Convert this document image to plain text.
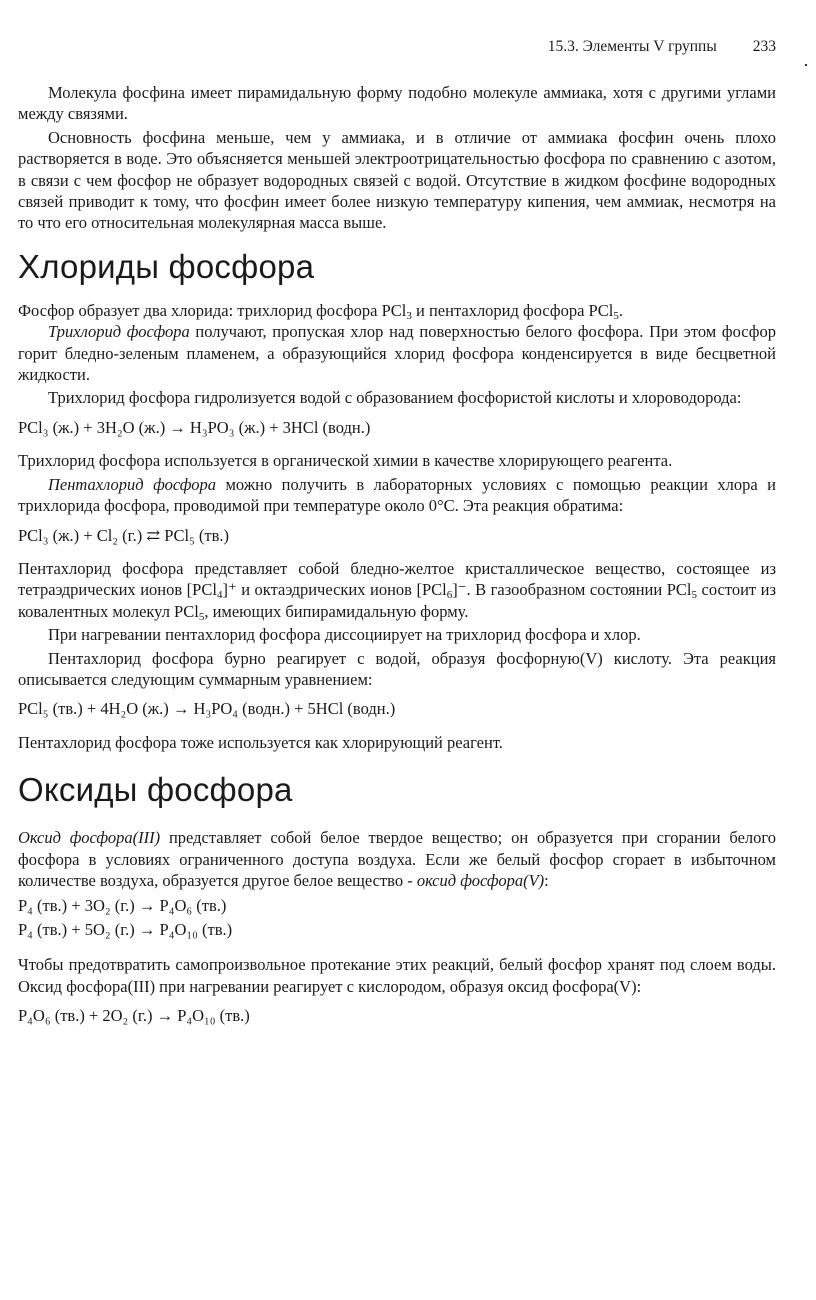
15.3. Элементы V группы 233

Молекула фосфина имеет пирамидальную форму подобно молекуле аммиака, хотя с другими углами между связями.

Основность фосфина меньше, чем у аммиака, и в отличие от аммиака фосфин очень плохо растворяется в воде. Это объясняется меньшей электроотрицательностью фосфора по сравнению с азотом, в связи с чем фосфор не образует водородных связей с водой. Отсутствие в жидком фосфине водородных связей приводит к тому, что фосфин имеет более низкую температуру кипения, чем аммиак, несмотря на то что его относительная молекулярная масса выше.

Хлориды фосфора

Фосфор образует два хлорида: трихлорид фосфора PCl$_3$ и пентахлорид фосфора PCl$_5$.

Трихлорид фосфора получают, пропуская хлор над поверхностью белого фосфора. При этом фосфор горит бледно-зеленым пламенем, а образующийся хлорид фосфора конденсируется в виде бесцветной жидкости.

Трихлорид фосфора гидролизуется водой с образованием фосфористой кислоты и хлороводорода:

PCl₃ (ж.) + 3H₂O (ж.) → H₃PO₃ (ж.) + 3HCl (водн.)

Трихлорид фосфора используется в органической химии в качестве хлорирующего реагента.

Пентахлорид фосфора можно получить в лабораторных условиях с помощью реакции хлора и трихлорида фосфора, проводимой при температуре около 0°C. Эта реакция обратима:

PCl₃ (ж.) + Cl₂ (г.) ⇄ PCl₅ (тв.)

Пентахлорид фосфора представляет собой бледно-желтое кристаллическое вещество, состоящее из тетраэдрических ионов [PCl$_4$]⁺ и октаэдрических ионов [PCl$_6$]⁻. В газообразном состоянии PCl$_5$ состоит из ковалентных молекул PCl$_5$, имеющих бипирамидальную форму.

При нагревании пентахлорид фосфора диссоциирует на трихлорид фосфора и хлор.

Пентахлорид фосфора бурно реагирует с водой, образуя фосфорную(V) кислоту. Эта реакция описывается следующим суммарным уравнением:

PCl₅ (тв.) + 4H₂O (ж.) → H₃PO₄ (водн.) + 5HCl (водн.)

Пентахлорид фосфора тоже используется как хлорирующий реагент.

Оксиды фосфора

Оксид фосфора(III) представляет собой белое твердое вещество; он образуется при сгорании белого фосфора в условиях ограниченного доступа воздуха. Если же белый фосфор сгорает в избыточном количестве воздуха, образуется другое белое вещество - оксид фосфора(V):

P₄ (тв.) + 3O₂ (г.) → P₄O₆ (тв.)
P₄ (тв.) + 5O₂ (г.) → P₄O₁₀ (тв.)

Чтобы предотвратить самопроизвольное протекание этих реакций, белый фосфор хранят под слоем воды. Оксид фосфора(III) при нагревании реагирует с кислородом, образуя оксид фосфора(V):

P₄O₆ (тв.) + 2O₂ (г.) → P₄O₁₀ (тв.)
